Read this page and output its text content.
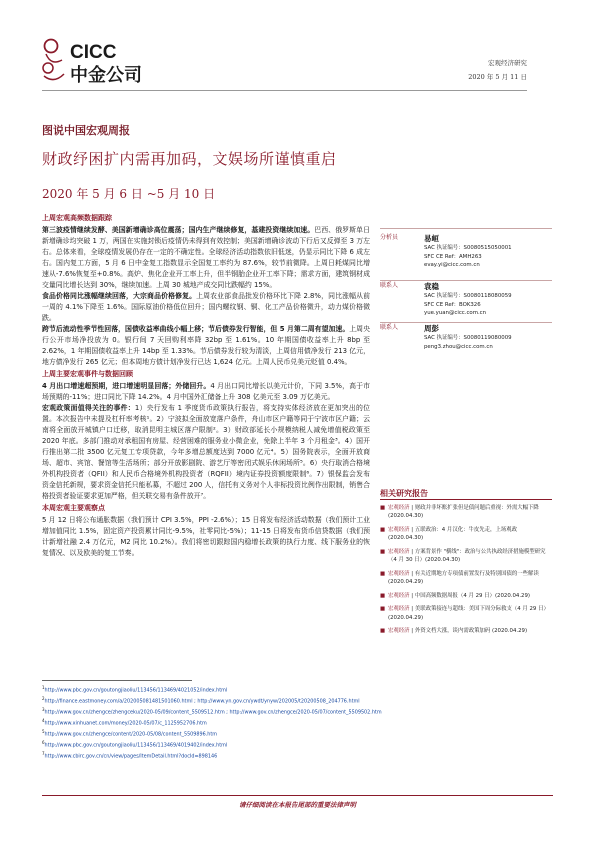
CICC
中金公司
宏观经济研究
2020 年 5 月 11 日
图说中国宏观周报
财政纾困扩内需再加码，文娱场所谨慎重启
2020 年 5 月 6 日 ~5 月 10 日
上周宏观高频数据跟踪

第三波疫情继续发酵、美国新增确诊高位震荡；国内生产继续修复，基建投资继续加速。巴西、俄罗斯单日新增确诊均突破 1 万，两国在实施封锁后疫情仍未得到有效控制；美国新增确诊波动下行后又反弹至 3 万左右。总体来看，全球疫情发展仍存在一定的不确定性。全球经济活动指数依旧低迷，仍显示同比下降 6 成左右。国内复工方面，5 月 6 日中金复工指数显示全国复工率约为 87.6%，较节前微降。上周日耗煤同比增速从-7.6%恢复至+0.8%。高炉、焦化企业开工率上升，但半钢胎企业开工率下降；需求方面，建筑钢材成交量同比增长达到 30%，继续加速。上周 30 城地产成交同比跌幅约 15%。

食品价格同比涨幅继续回落，大宗商品价格修复。上周农业部食品批发价格环比下降 2.8%，同比涨幅从前一周的 4.1%下降至 1.6%。国际原油价格低位回升；国内螺纹钢、铜、化工产品价格微升，动力煤价格微跌。

跨节后流动性季节性回落，国债收益率曲线小幅上移；节后债券发行智能，但 5 月第二周有望加速。上周央行公开市场净投放为 0。银行间 7 天回购利率降 32bp 至 1.61%。10 年期国债收益率上升 8bp 至 2.62%，1 年期国债收益率上升 14bp 至 1.33%。节后债券发行较为清淡，上周信用债净发行 213 亿元，地方债净发行 265 亿元；但本周地方债计划净发行已达 1,624 亿元。上周人民币兑美元贬值 0.4%。

上周主要宏观事件与数据回顾

4 月出口增速超预期，进口增速明显回落；外储回升。4 月出口同比增长以美元计价，下同 3.5%，高于市场预期的-11%；进口同比下降 14.2%。4 月中国外汇储备上升 308 亿美元至 3.09 万亿美元。

宏观政策面值得关注的事件：1）央行发布 1 季度货币政策执行报告，将支持实体经济放在更加突出的位置。本次报告中未提及杠杆率考核¹。2）宁波拟全面放宽落户条件，舟山市区户籍等同于宁波市区户籍；云南将全面放开城镇户口迁移，取消昆明主城区落户限制²。3）财政部延长小规模纳税人减免增值税政策至 2020 年底。多部门推动对承租国有房屋、经营困难的服务业小微企业，免除上半年 3 个月租金³。4）国开行推出第二批 3500 亿元复工专项贷款，今年多增总额度达到 7000 亿元⁴。5）国务院表示，全面开放商场、超市、宾馆、餐馆等生活场所；部分开放影剧院、游艺厅等密闭式娱乐休闲场所⁵。6）央行取消合格境外机构投资者（QFII）和人民币合格境外机构投资者（RQFII）境内证券投资额度限制⁶。7）银保监会发布资金信托新规，要求资金信托只能私募，不超过 200 人，信托有义务对个人非标投资比例作出限制，销售合格投资者验证要求更加严格，但关联交易有条件放开⁷。

本周宏观主要观察点

5 月 12 日将公布通胀数据（我们预计 CPI 3.5%，PPI -2.6%）；15 日将发布经济活动数据（我们预计工业增加值同比 1.5%，固定资产投资累计同比-9.5%，社零同比-5%）；11-15 日将发布货币信贷数据（我们预计新增社融 2.4 万亿元，M2 同比 10.2%）。我们将密切跟踪国内稳增长政策的执行力度、线下服务业的恢复情况、以及欧美的复工节奏。

分析员	易峘
SAC 执证编号：S0080515050001
SFC CE Ref：AMH263
evay.yi@cicc.com.cn
联系人	袁稳
SAC 执证编号：S0080118080059
SFC CE Ref：BOK326
yue.yuan@cicc.com.cn
联系人	周彭
SAC 执证编号：S0080119080009
peng3.zhou@cicc.com.cn
相关研究报告
■ 宏观经济 | 财政并非坏账扩张但是债问题后重视：外需大幅下降 (2020.04.30)
■ 宏观经济 | 五联政治：4 月汉化：牛皮先走，上场观政 (2020.04.30)
■ 宏观经济 | 方案背景作 "横线"：政治与公共执政经济措施模型研究（4 月 30 日）(2020.04.30)
■ 宏观经济 | 有关近期地方专项债前置发行及特别国债的一些解读 (2020.04.29)
■ 宏观经济 | 中国高频数据周报（4 月 29 日）(2020.04.29)
■ 宏观经济 | 美联政策接连与超线：美国下周分际救支（4 月 29 日）(2020.04.29)
■ 宏观经济 | 外资文档大涨，谈内需政策加码 (2020.04.29)
$^1$http://www.pbc.gov.cn/goutongjiaoliu/113456/113469/4021052/index.html
$^2$http://finance.eastmoney.com/a/202005081481501060.html ; http://www.yn.gov.cn/ywdt/ynyw/202005/t20200508_204776.html
$^3$http://www.gov.cn/zhengce/zhengceku/2020-05/09/content_5509512.htm ; http://www.gov.cn/zhengce/2020-05/07/content_5509502.htm
$^4$http://www.xinhuanet.com/money/2020-05/07/c_1125952706.htm
$^5$http://www.gov.cn/zhengce/content/2020-05/08/content_5509896.htm
$^6$http://www.pbc.gov.cn/goutongjiaoliu/113456/113469/4019402/index.html
$^7$http://www.cbirc.gov.cn/cn/view/pages/ItemDetail.html?docId=898146
请仔细阅读在本报告尾部的重要法律声明
